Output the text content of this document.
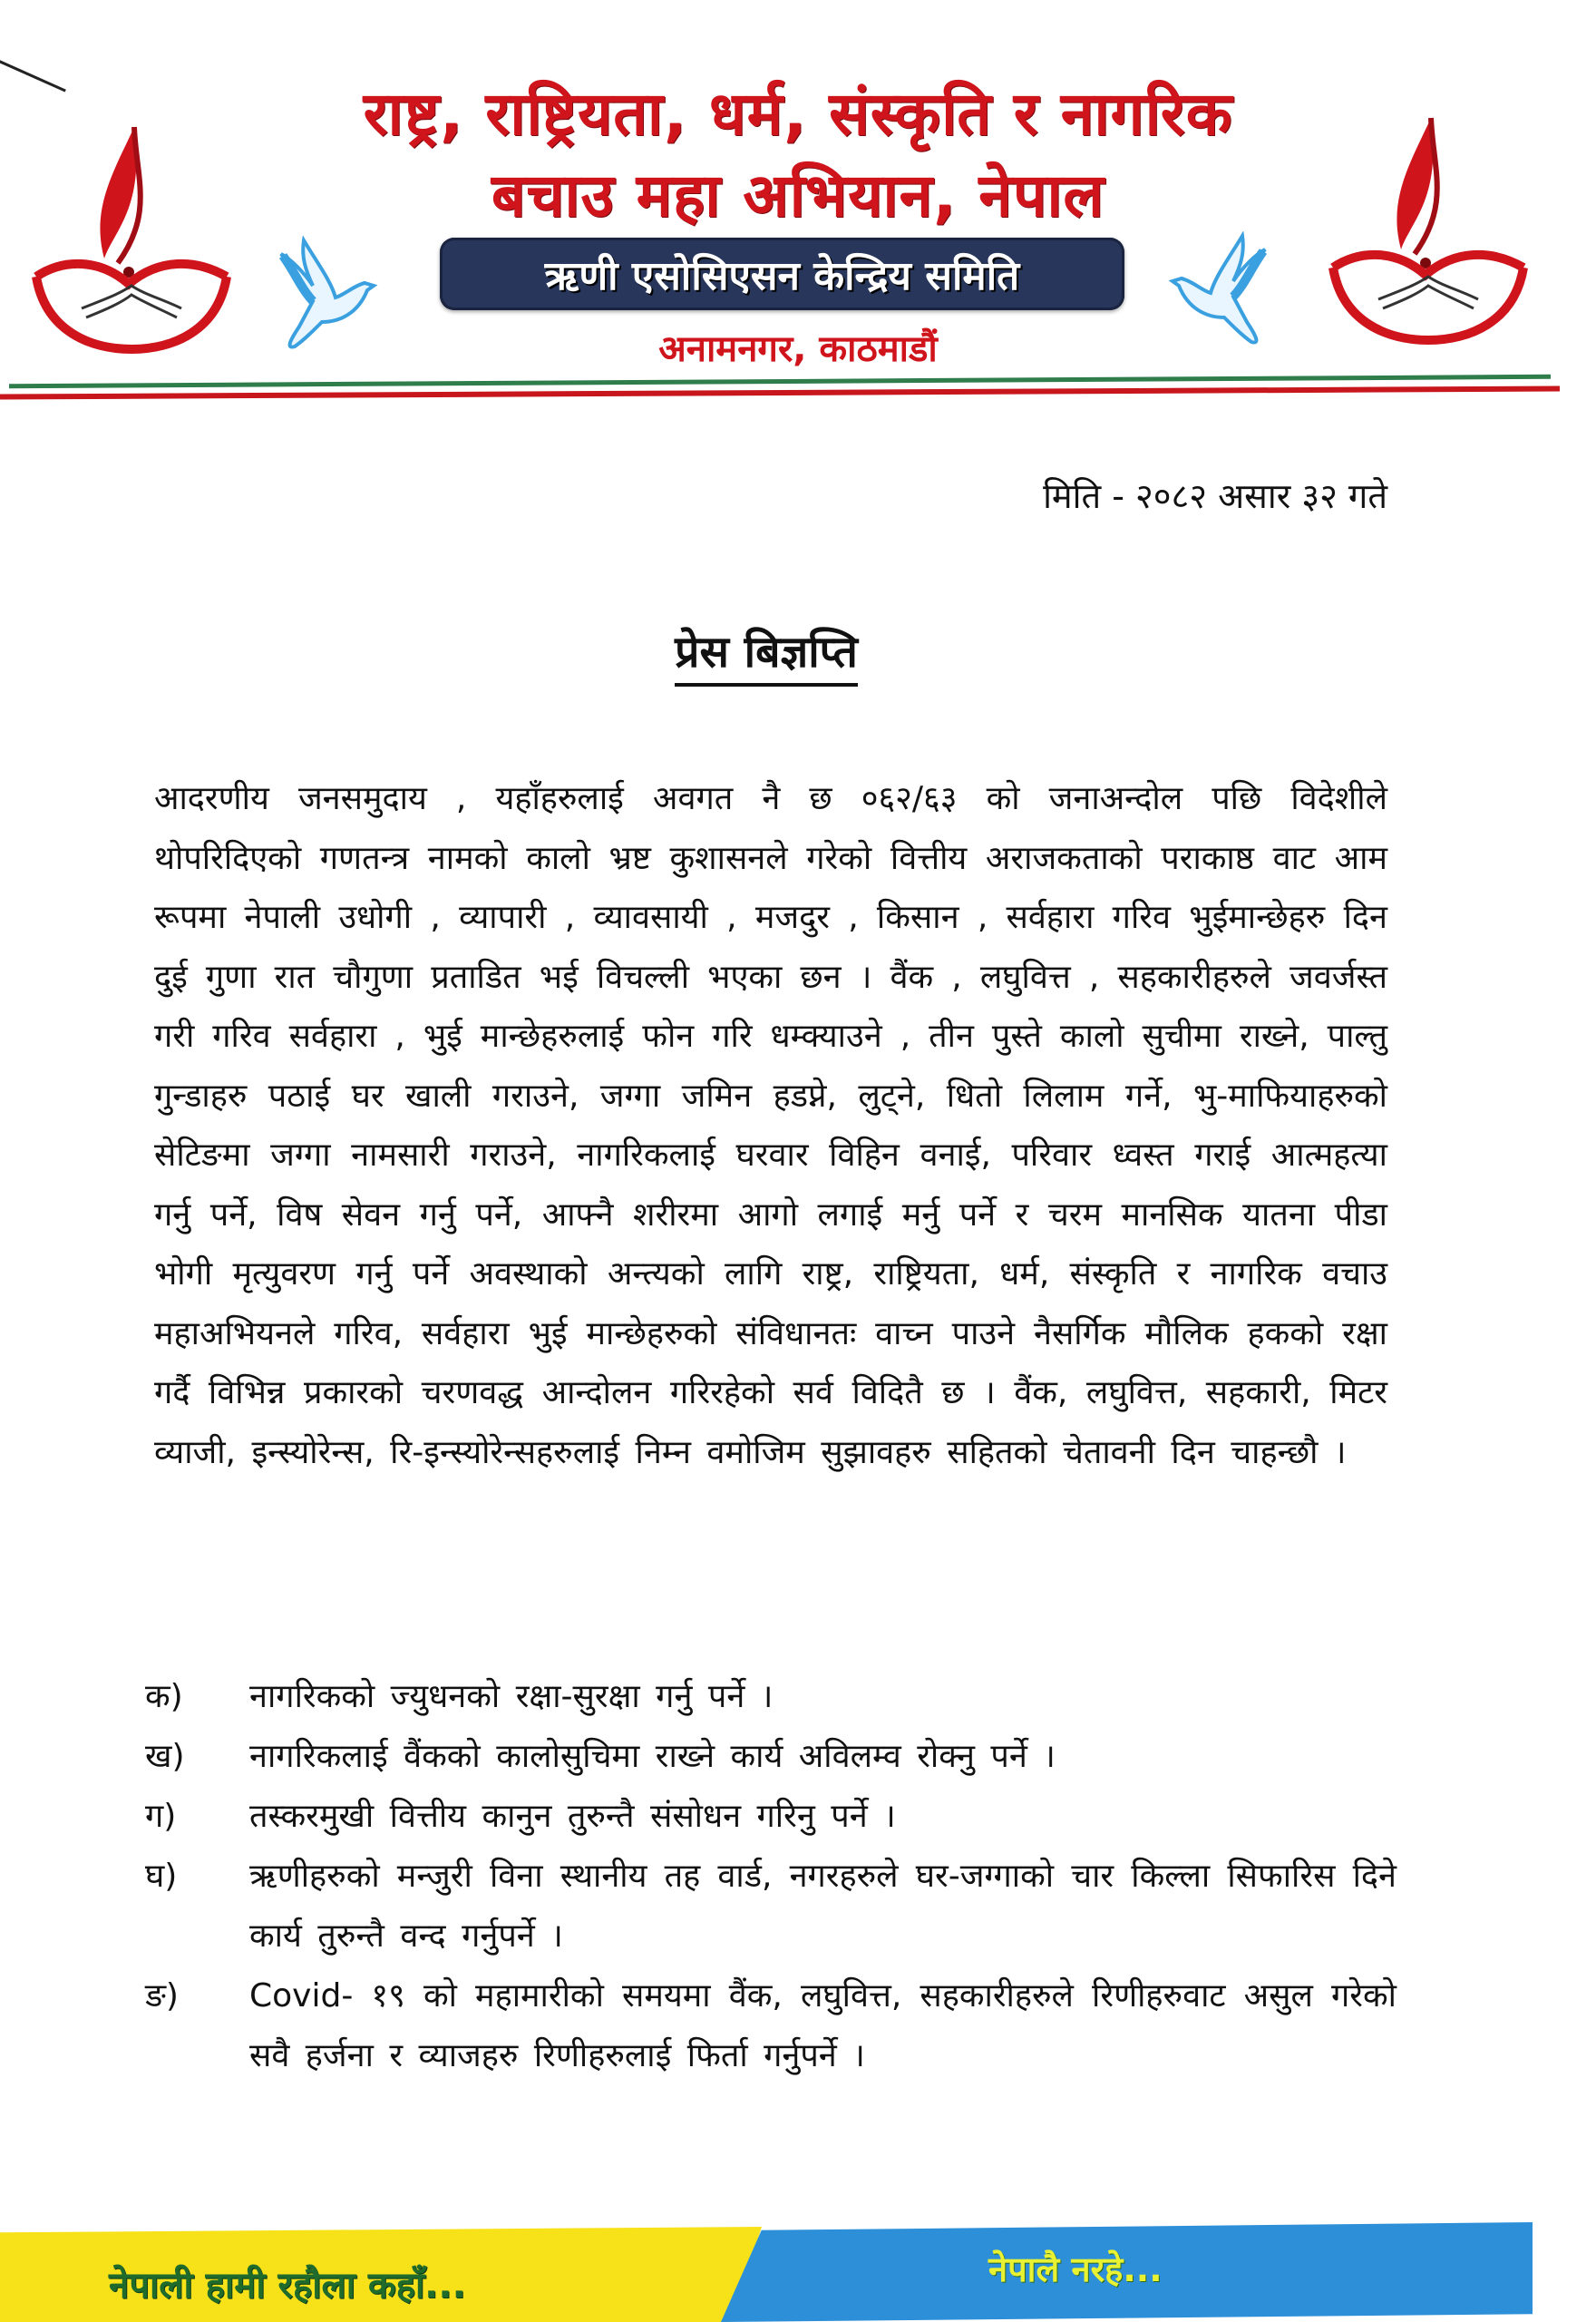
राष्ट्र, राष्ट्रियता, धर्म, संस्कृति र नागरिक
बचाउ महा अभियान, नेपाल
ऋणी एसोसिएसन केन्द्रिय समिति
अनामनगर, काठमाडौं
मिति - २०८२ असार ३२ गते
प्रेस बिज्ञप्ति
आदरणीय जनसमुदाय , यहाँहरुलाई अवगत नै छ ०६२/६३ को जनाअन्दोल पछि विदेशीले थोपरिदिएको गणतन्त्र नामको कालो भ्रष्ट कुशासनले गरेको वित्तीय अराजकताको पराकाष्ठ वाट आम रूपमा नेपाली उधोगी , व्यापारी , व्यावसायी , मजदुर , किसान , सर्वहारा गरिव भुईमान्छेहरु दिन दुई गुणा रात चौगुणा प्रताडित भई विचल्ली भएका छन । वैंक , लघुवित्त , सहकारीहरुले जवर्जस्त गरी गरिव सर्वहारा , भुई मान्छेहरुलाई फोन गरि धम्क्याउने , तीन पुस्ते कालो सुचीमा राख्ने, पाल्तु गुन्डाहरु पठाई घर खाली गराउने, जग्गा जमिन हडप्ने, लुट्ने, धितो लिलाम गर्ने, भु-माफियाहरुको सेटिङमा जग्गा नामसारी गराउने, नागरिकलाई घरवार विहिन वनाई, परिवार ध्वस्त गराई आत्महत्या गर्नु पर्ने, विष सेवन गर्नु पर्ने, आफ्नै शरीरमा आगो लगाई मर्नु पर्ने र चरम मानसिक यातना पीडा भोगी मृत्युवरण गर्नु पर्ने अवस्थाको अन्त्यको लागि राष्ट्र, राष्ट्रियता, धर्म, संस्कृति र नागरिक वचाउ महाअभियनले गरिव, सर्वहारा भुई मान्छेहरुको संविधानतः वाच्न पाउने नैसर्गिक मौलिक हकको रक्षा गर्दै विभिन्न प्रकारको चरणवद्ध आन्दोलन गरिरहेको सर्व विदितै छ । वैंक, लघुवित्त, सहकारी, मिटर व्याजी, इन्स्योरेन्स, रि-इन्स्योरेन्सहरुलाई निम्न वमोजिम सुझावहरु सहितको चेतावनी दिन चाहन्छौ ।
क)	नागरिकको ज्युधनको रक्षा-सुरक्षा गर्नु पर्ने ।
ख)	नागरिकलाई वैंकको कालोसुचिमा राख्ने कार्य अविलम्व रोक्नु पर्ने ।
ग)	तस्करमुखी वित्तीय कानुन तुरुन्तै संसोधन गरिनु पर्ने ।
घ)	ऋणीहरुको मन्जुरी विना स्थानीय तह वार्ड, नगरहरुले घर-जग्गाको चार किल्ला सिफारिस दिने कार्य तुरुन्तै वन्द गर्नुपर्ने ।
ङ)	Covid- १९ को महामारीको समयमा वैंक, लघुवित्त, सहकारीहरुले रिणीहरुवाट असुल गरेको सवै हर्जना र व्याजहरु रिणीहरुलाई फिर्ता गर्नुपर्ने ।
नेपाली हामी रहौला कहाँ...	नेपालै नरहे...
